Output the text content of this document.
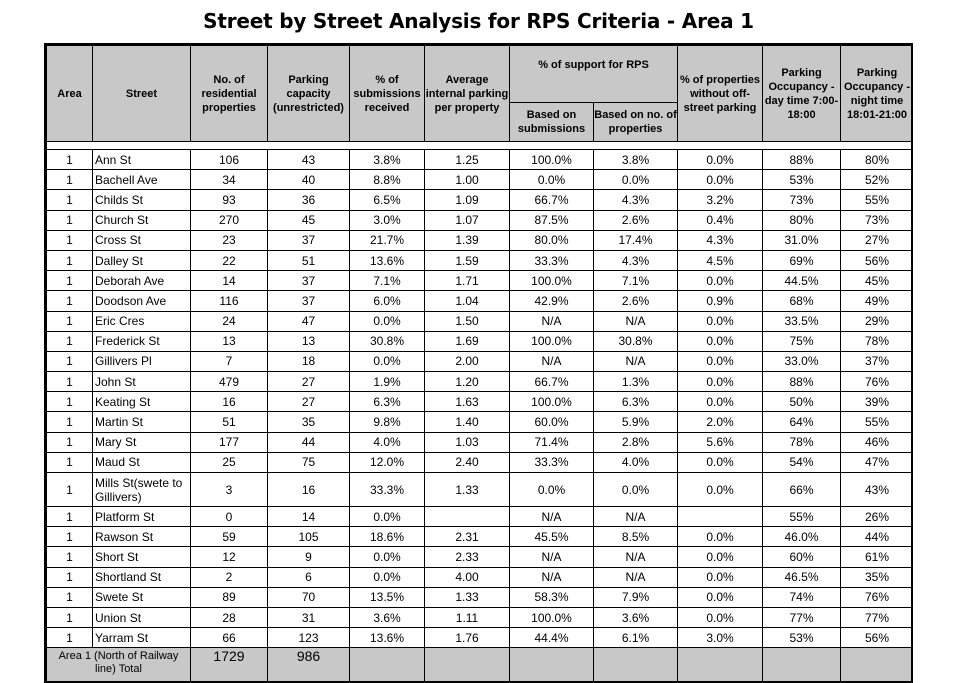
Street by Street Analysis for RPS Criteria - Area 1
Area	Street	No. of residential properties	Parking capacity (unrestricted)	% of submissions received	Average internal parking per property	% of support for RPS		% of properties without off-street parking	Parking Occupancy - day time 7:00-18:00	Parking Occupancy - night time 18:01-21:00
						Based on submissions	Based on no. of properties			

1	Ann St	106	43	3.8%	1.25	100.0%	3.8%	0.0%	88%	80%
1	Bachell Ave	34	40	8.8%	1.00	0.0%	0.0%	0.0%	53%	52%
1	Childs St	93	36	6.5%	1.09	66.7%	4.3%	3.2%	73%	55%
1	Church St	270	45	3.0%	1.07	87.5%	2.6%	0.4%	80%	73%
1	Cross St	23	37	21.7%	1.39	80.0%	17.4%	4.3%	31.0%	27%
1	Dalley St	22	51	13.6%	1.59	33.3%	4.3%	4.5%	69%	56%
1	Deborah Ave	14	37	7.1%	1.71	100.0%	7.1%	0.0%	44.5%	45%
1	Doodson Ave	116	37	6.0%	1.04	42.9%	2.6%	0.9%	68%	49%
1	Eric Cres	24	47	0.0%	1.50	N/A	N/A	0.0%	33.5%	29%
1	Frederick St	13	13	30.8%	1.69	100.0%	30.8%	0.0%	75%	78%
1	Gillivers Pl	7	18	0.0%	2.00	N/A	N/A	0.0%	33.0%	37%
1	John St	479	27	1.9%	1.20	66.7%	1.3%	0.0%	88%	76%
1	Keating St	16	27	6.3%	1.63	100.0%	6.3%	0.0%	50%	39%
1	Martin St	51	35	9.8%	1.40	60.0%	5.9%	2.0%	64%	55%
1	Mary St	177	44	4.0%	1.03	71.4%	2.8%	5.6%	78%	46%
1	Maud St	25	75	12.0%	2.40	33.3%	4.0%	0.0%	54%	47%
1	Mills St(swete to Gillivers)	3	16	33.3%	1.33	0.0%	0.0%	0.0%	66%	43%
1	Platform St	0	14	0.0%		N/A	N/A		55%	26%
1	Rawson St	59	105	18.6%	2.31	45.5%	8.5%	0.0%	46.0%	44%
1	Short St	12	9	0.0%	2.33	N/A	N/A	0.0%	60%	61%
1	Shortland St	2	6	0.0%	4.00	N/A	N/A	0.0%	46.5%	35%
1	Swete St	89	70	13.5%	1.33	58.3%	7.9%	0.0%	74%	76%
1	Union St	28	31	3.6%	1.11	100.0%	3.6%	0.0%	77%	77%
1	Yarram St	66	123	13.6%	1.76	44.4%	6.1%	3.0%	53%	56%
Area 1 (North of Railway line) Total		1729	986							
